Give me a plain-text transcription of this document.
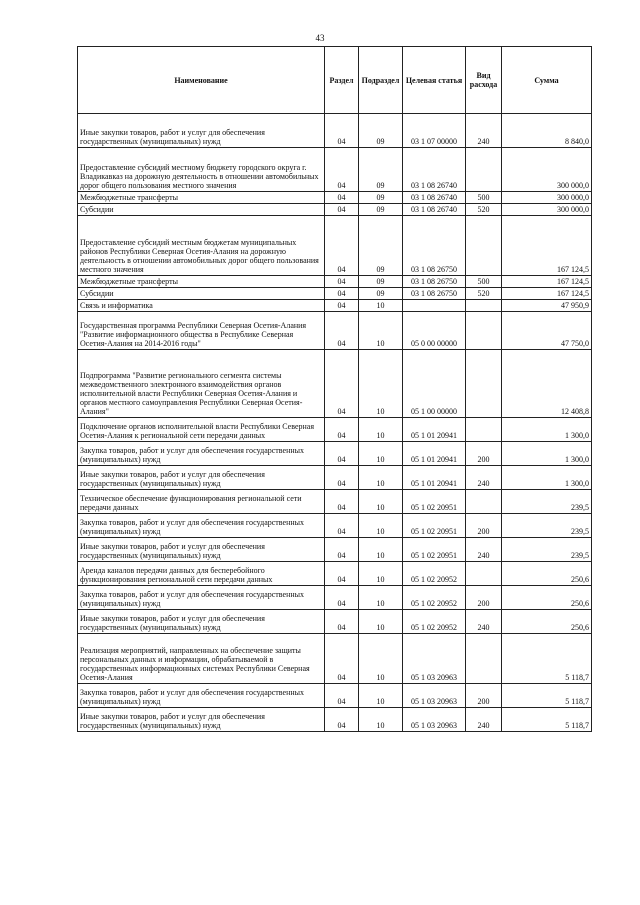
43
Наименование	Раздел	Подраздел	Целевая статья	Вид расхода	Сумма
Иные закупки товаров, работ и услуг для обеспечения государственных (муниципальных) нужд	04	09	03 1 07 00000	240	8 840,0
Предоставление субсидий местному бюджету городского округа г. Владикавказ на дорожную деятельность в отношении автомобильных дорог общего пользования местного значения	04	09	03 1 08 26740		300 000,0
Межбюджетные трансферты	04	09	03 1 08 26740	500	300 000,0
Субсидии	04	09	03 1 08 26740	520	300 000,0
Предоставление субсидий местным бюджетам муниципальных районов Республики Северная Осетия-Алания на дорожную деятельность в отношении автомобильных дорог общего пользования местного значения	04	09	03 1 08 26750		167 124,5
Межбюджетные трансферты	04	09	03 1 08 26750	500	167 124,5
Субсидии	04	09	03 1 08 26750	520	167 124,5
Связь и информатика	04	10			47 950,9
Государственная программа Республики Северная Осетия-Алания "Развитие информационного общества в Республике Северная Осетия-Алания на 2014-2016 годы"	04	10	05 0 00 00000		47 750,0
Подпрограмма "Развитие регионального сегмента системы межведомственного электронного взаимодействия органов исполнительной власти Республики Северная Осетия-Алания и органов местного самоуправления Республики Северная Осетия-Алания"	04	10	05 1 00 00000		12 408,8
Подключение органов исполнительной власти Республики Северная Осетия-Алания к региональной сети передачи данных	04	10	05 1 01 20941		1 300,0
Закупка товаров, работ и услуг для обеспечения государственных (муниципальных) нужд	04	10	05 1 01 20941	200	1 300,0
Иные закупки товаров, работ и услуг для обеспечения государственных (муниципальных) нужд	04	10	05 1 01 20941	240	1 300,0
Техническое обеспечение функционирования региональной сети передачи данных	04	10	05 1 02 20951		239,5
Закупка товаров, работ и услуг для обеспечения государственных (муниципальных) нужд	04	10	05 1 02 20951	200	239,5
Иные закупки товаров, работ и услуг для обеспечения государственных (муниципальных) нужд	04	10	05 1 02 20951	240	239,5
Аренда каналов передачи данных для бесперебойного функционирования региональной сети передачи данных	04	10	05 1 02 20952		250,6
Закупка товаров, работ и услуг для обеспечения государственных (муниципальных) нужд	04	10	05 1 02 20952	200	250,6
Иные закупки товаров, работ и услуг для обеспечения государственных (муниципальных) нужд	04	10	05 1 02 20952	240	250,6
Реализация мероприятий, направленных на обеспечение защиты персональных данных и информации, обрабатываемой в государственных информационных системах Республики Северная Осетия-Алания	04	10	05 1 03 20963		5 118,7
Закупка товаров, работ и услуг для обеспечения государственных (муниципальных) нужд	04	10	05 1 03 20963	200	5 118,7
Иные закупки товаров, работ и услуг для обеспечения государственных (муниципальных) нужд	04	10	05 1 03 20963	240	5 118,7
